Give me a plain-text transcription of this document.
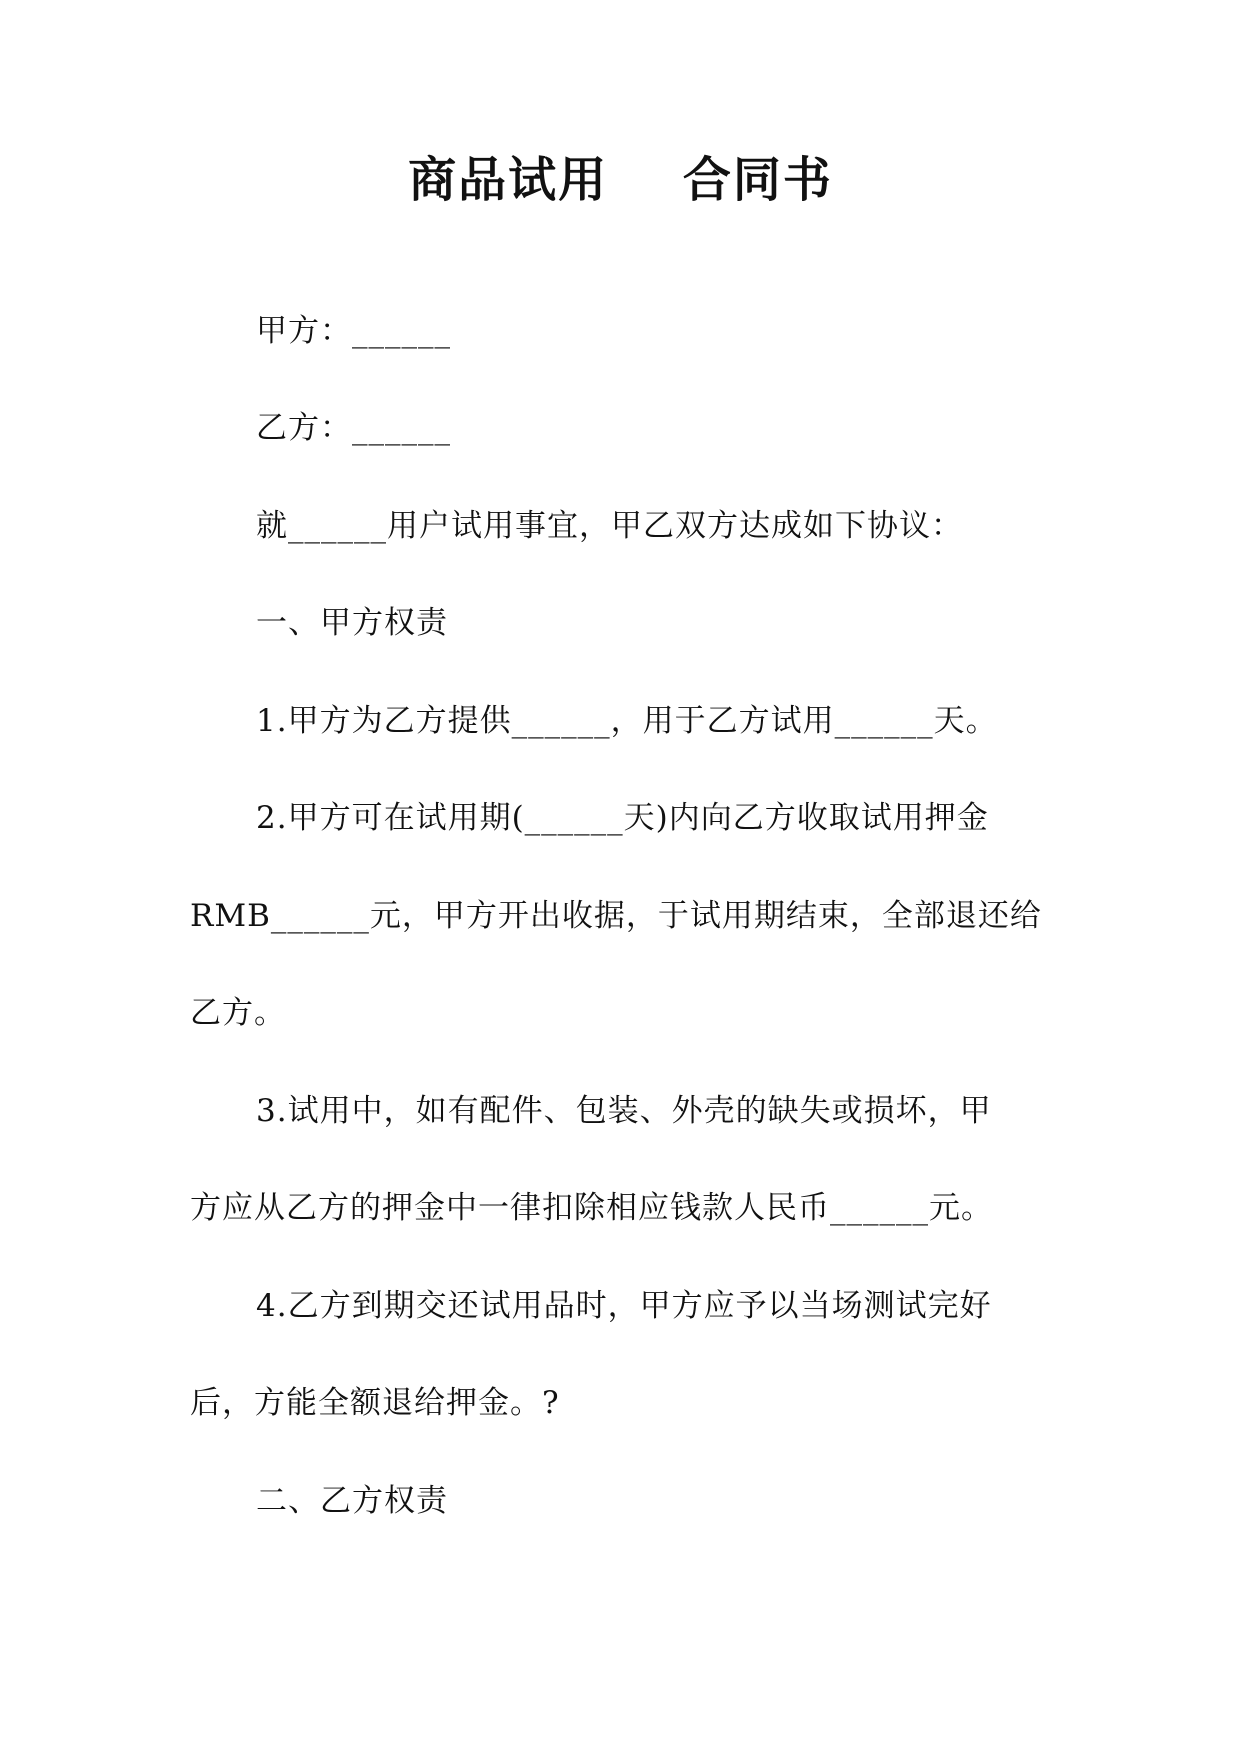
商品试用    合同书
甲方：______
乙方：______
就______用户试用事宜，甲乙双方达成如下协议：
一、甲方权责
1.甲方为乙方提供______，用于乙方试用______天。
2.甲方可在试用期(______天)内向乙方收取试用押金
RMB______元，甲方开出收据，于试用期结束，全部退还给
乙方。
3.试用中，如有配件、包装、外壳的缺失或损坏，甲
方应从乙方的押金中一律扣除相应钱款人民币______元。
4.乙方到期交还试用品时，甲方应予以当场测试完好
后，方能全额退给押金。?
二、乙方权责
